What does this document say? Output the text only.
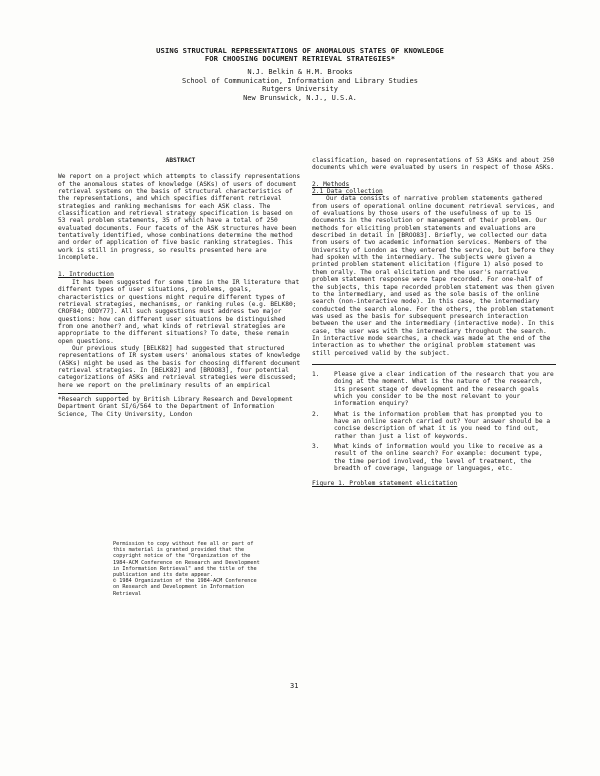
USING STRUCTURAL REPRESENTATIONS OF ANOMALOUS STATES OF KNOWLEDGE
FOR CHOOSING DOCUMENT RETRIEVAL STRATEGIES*
N.J. Belkin & H.M. Brooks
School of Communication, Information and Library Studies
Rutgers University
New Brunswick, N.J., U.S.A.
ABSTRACT

We report on a project which attempts to classify representations of the anomalous states of knowledge (ASKs) of users of document retrieval systems on the basis of structural characteristics of the representations, and which specifies different retrieval strategies and ranking mechanisms for each ASK class. The classification and retrieval strategy specification is based on 53 real problem statements, 35 of which have a total of 250 evaluated documents. Four facets of the ASK structures have been tentatively identified, whose combinations determine the method and order of application of five basic ranking strategies. This work is still in progress, so results presented here are incomplete.

1. Introduction

It has been suggested for some time in the IR literature that different types of user situations, problems, goals, characteristics or questions might require different types of retrieval strategies, mechanisms, or ranking rules (e.g. BELK80; CROF84; ODDY77]. All such suggestions must address two major questions: how can different user situations be distinguished from one another? and, what kinds of retrieval strategies are appropriate to the different situations? To date, these remain open questions.

Our previous study [BELK82] had suggested that structured representations of IR system users' anomalous states of knowledge (ASKs) might be used as the basis for choosing different document retrieval strategies. In [BELK82] and [BROO83], four potential categorizations of ASKs and retrieval strategies were discussed; here we report on the preliminary results of an empirical

*Research supported by British Library Research and Development Department Grant SI/G/564 to the Department of Information Science, The City University, London

Permission to copy without fee all or part of this material is granted provided that the copyright notice of the "Organization of the 1984-ACM Conference on Research and Development in Information Retrieval" and the title of the publication and its date appear.
© 1984 Organization of the 1984-ACM Conference on Research and Development in Information Retrieval

classification, based on representations of 53 ASKs and about 250 documents which were evaluated by users in respect of those ASKs.

2. Methods

2.1 Data collection

Our data consists of narrative problem statements gathered from users of operational online document retrieval services, and of evaluations by those users of the usefulness of up to 15 documents in the resolution or management of their problem. Our methods for eliciting problem statements and evaluations are described in detail in [BROO83]. Briefly, we collected our data from users of two academic information services. Members of the University of London as they entered the service, but before they had spoken with the intermediary. The subjects were given a printed problem statement elicitation (figure 1) also posed to them orally. The oral elicitation and the user's narrative problem statement response were tape recorded. For one-half of the subjects, this tape recorded problem statement was then given to the intermediary, and used as the sole basis of the online search (non-interactive mode). In this case, the intermediary conducted the search alone. For the others, the problem statement was used as the basis for subsequent presearch interaction between the user and the intermediary (interactive mode). In this case, the user was with the intermediary throughout the search. In interactive mode searches, a check was made at the end of the interaction as to whether the original problem statement was still perceived valid by the subject.

1.	Please give a clear indication of the research that you are doing at the moment. What is the nature of the research, its present stage of development and the research goals which you consider to be the most relevant to your information enquiry?
2.	What is the information problem that has prompted you to have an online search carried out? Your answer should be a concise description of what it is you need to find out, rather than just a list of keywords.
3.	What kinds of information would you like to receive as a result of the online search? For example: document type, the time period involved, the level of treatment, the breadth of coverage, language or languages, etc.
Figure 1. Problem statement elicitation
31
